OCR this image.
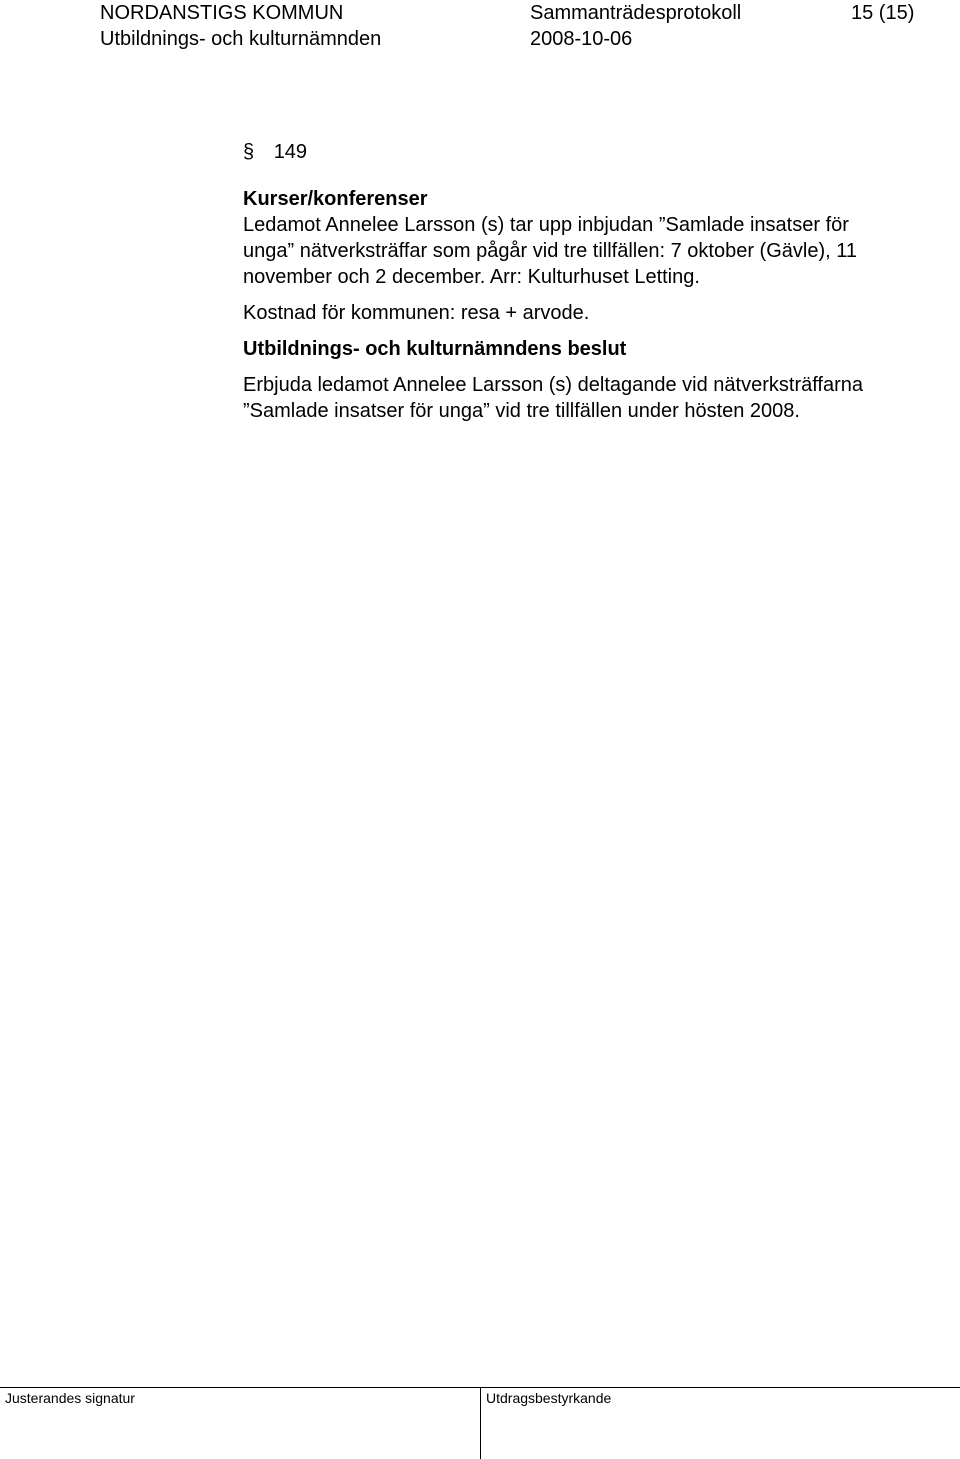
NORDANSTIGS KOMMUN	Sammanträdesprotokoll	15 (15)
Utbildnings- och kulturnämnden	2008-10-06
§ 149
Kurser/konferenser
Ledamot Annelee Larsson (s) tar upp inbjudan ”Samlade insatser för
unga” nätverksträffar som pågår vid tre tillfällen: 7 oktober (Gävle), 11
november och 2 december. Arr: Kulturhuset Letting.
Kostnad för kommunen: resa + arvode.
Utbildnings- och kulturnämndens beslut
Erbjuda ledamot Annelee Larsson (s) deltagande vid nätverksträffarna
”Samlade insatser för unga” vid tre tillfällen under hösten 2008.
Justerandes signatur	Utdragsbestyrkande
